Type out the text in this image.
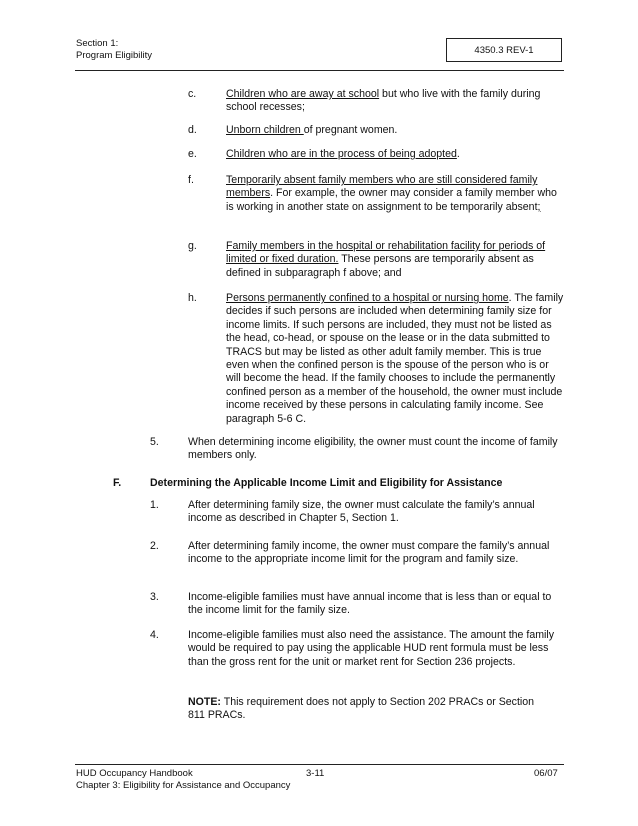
Section 1:
Program Eligibility	4350.3 REV-1
c.	Children who are away at school but who live with the family during school recesses;
d.	Unborn children of pregnant women.
e.	Children who are in the process of being adopted.
f.	Temporarily absent family members who are still considered family members. For example, the owner may consider a family member who is working in another state on assignment to be temporarily absent;
g.	Family members in the hospital or rehabilitation facility for periods of limited or fixed duration. These persons are temporarily absent as defined in subparagraph f above; and
h.	Persons permanently confined to a hospital or nursing home. The family decides if such persons are included when determining family size for income limits. If such persons are included, they must not be listed as the head, co-head, or spouse on the lease or in the data submitted to TRACS but may be listed as other adult family member. This is true even when the confined person is the spouse of the person who is or will become the head. If the family chooses to include the permanently confined person as a member of the household, the owner must include income received by these persons in calculating family income. See paragraph 5-6 C.
5.	When determining income eligibility, the owner must count the income of family members only.
F.	Determining the Applicable Income Limit and Eligibility for Assistance
1.	After determining family size, the owner must calculate the family’s annual income as described in Chapter 5, Section 1.
2.	After determining family income, the owner must compare the family’s annual income to the appropriate income limit for the program and family size.
3.	Income-eligible families must have annual income that is less than or equal to the income limit for the family size.
4.	Income-eligible families must also need the assistance. The amount the family would be required to pay using the applicable HUD rent formula must be less than the gross rent for the unit or market rent for Section 236 projects.
NOTE: This requirement does not apply to Section 202 PRACs or Section 811 PRACs.
HUD Occupancy Handbook
Chapter 3: Eligibility for Assistance and Occupancy
3-11	06/07
